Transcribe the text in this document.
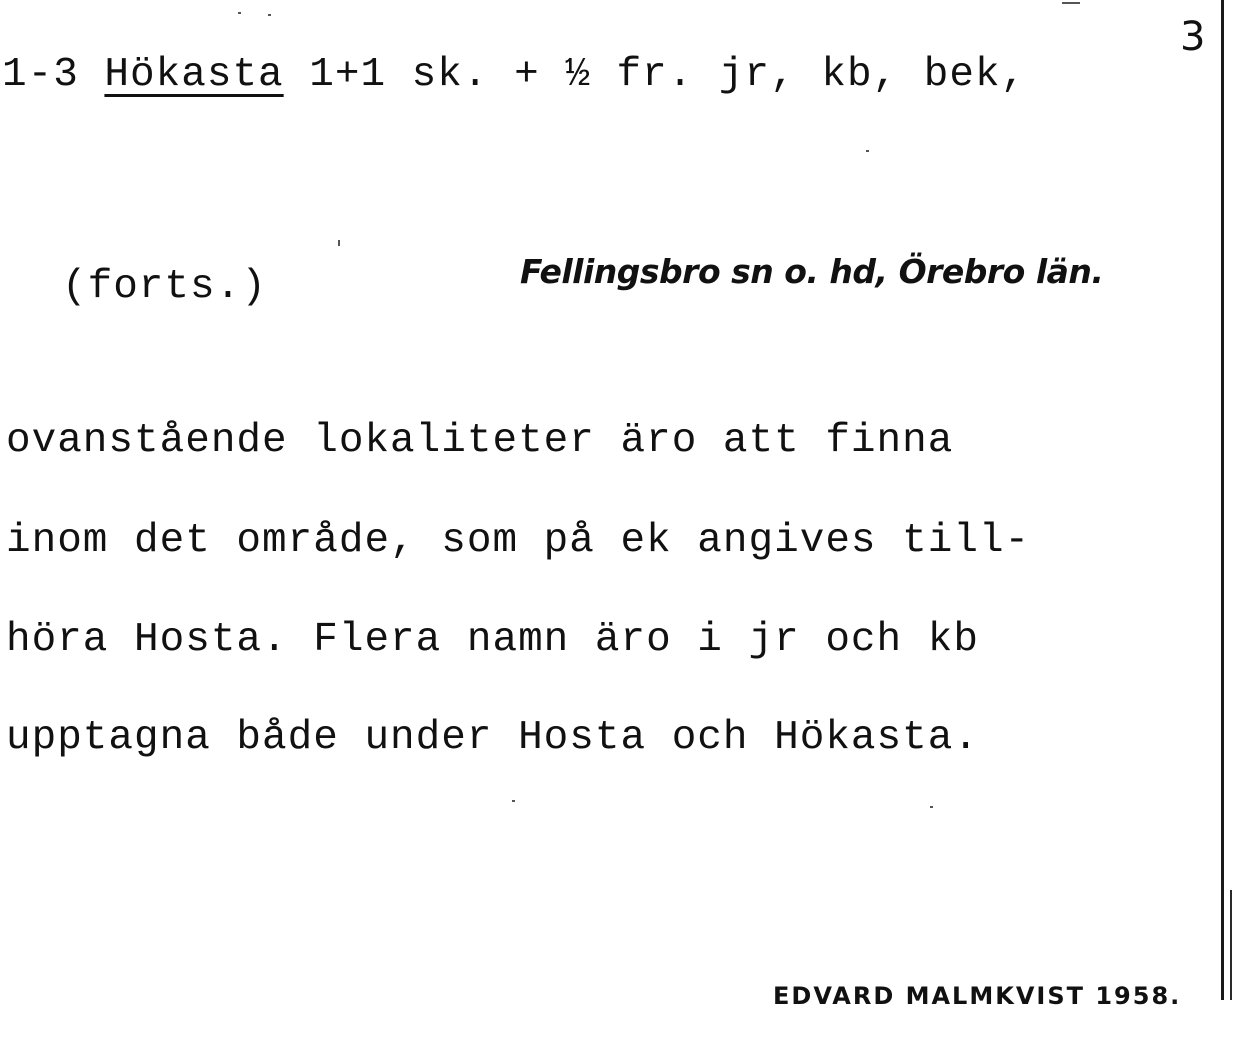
3
1-3 Hökasta 1+1 sk. + ½ fr. jr, kb, bek,
(forts.)	Fellingsbro sn o. hd, Örebro län.
ovanstående lokaliteter äro att finna
inom det område, som på ek angives till-
höra Hosta. Flera namn äro i jr och kb
upptagna både under Hosta och Hökasta.
EDVARD MALMKVIST 1958.
